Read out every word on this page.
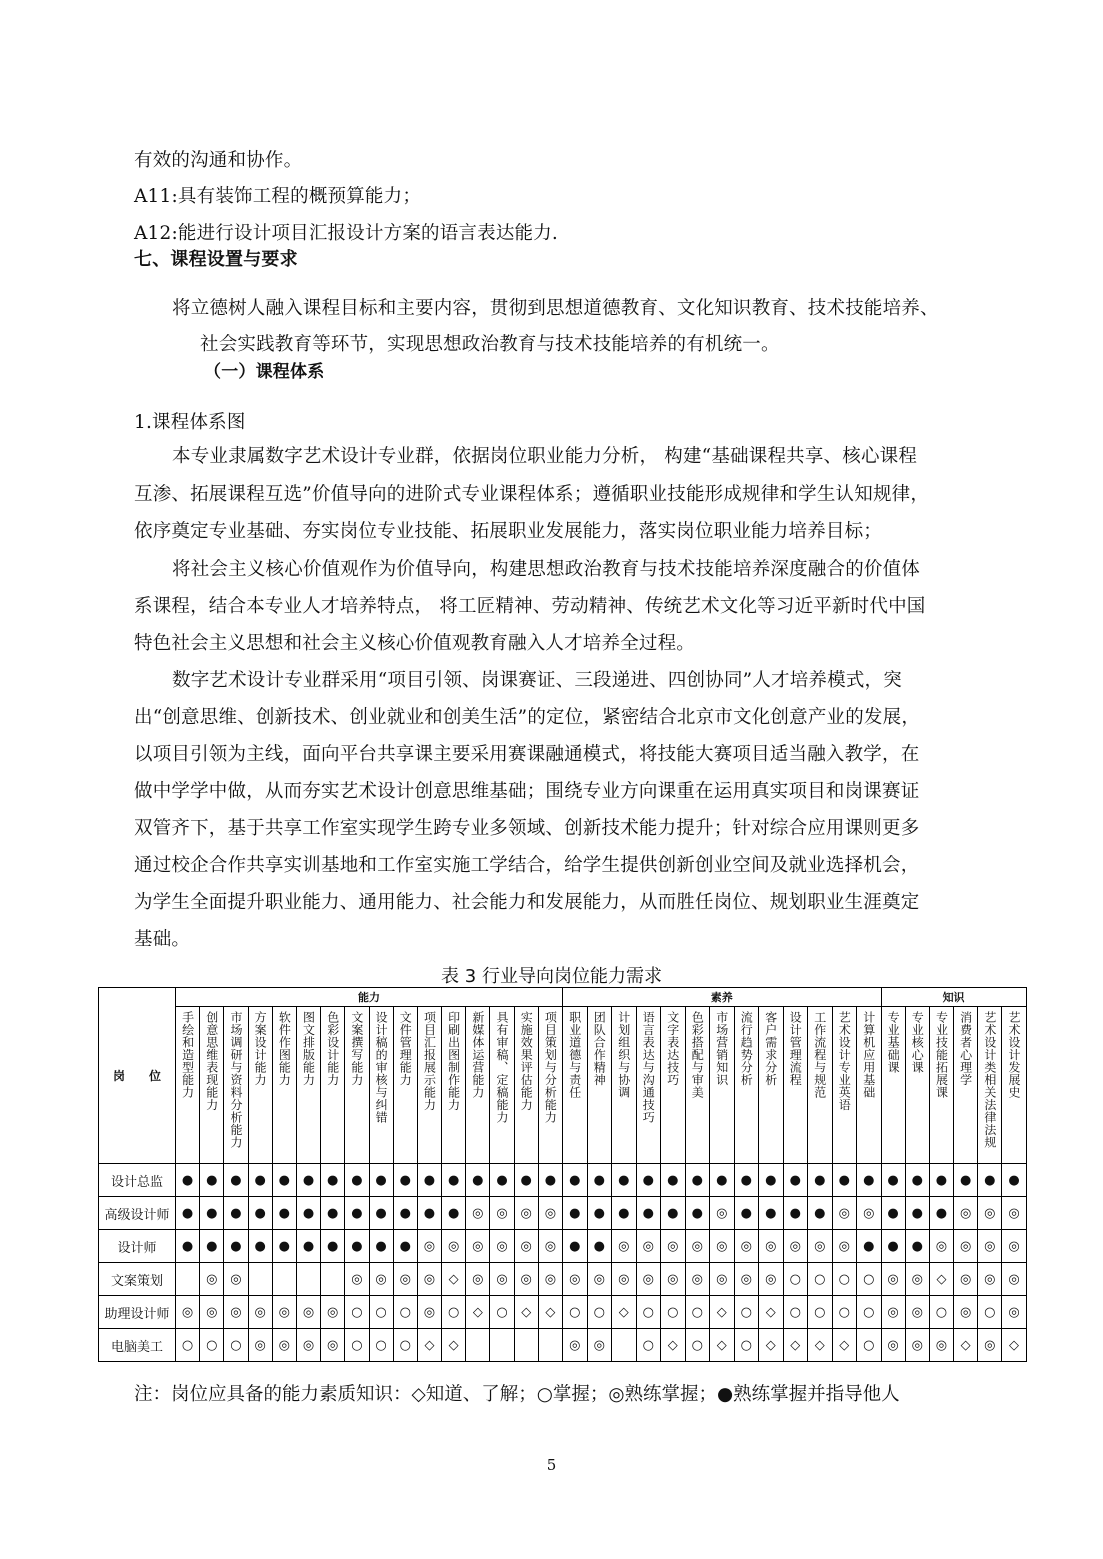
有效的沟通和协作。
A11:具有装饰工程的概预算能力；
A12:能进行设计项目汇报设计方案的语言表达能力.
七、课程设置与要求
将立德树人融入课程目标和主要内容，贯彻到思想道德教育、文化知识教育、技术技能培养、
社会实践教育等环节，实现思想政治教育与技术技能培养的有机统一。
（一）课程体系
1.课程体系图
本专业隶属数字艺术设计专业群，依据岗位职业能力分析， 构建“基础课程共享、核心课程
互渗、拓展课程互选”价值导向的进阶式专业课程体系；遵循职业技能形成规律和学生认知规律，
依序奠定专业基础、夯实岗位专业技能、拓展职业发展能力，落实岗位职业能力培养目标；
将社会主义核心价值观作为价值导向，构建思想政治教育与技术技能培养深度融合的价值体
系课程，结合本专业人才培养特点， 将工匠精神、劳动精神、传统艺术文化等习近平新时代中国
特色社会主义思想和社会主义核心价值观教育融入人才培养全过程。
数字艺术设计专业群采用“项目引领、岗课赛证、三段递进、四创协同”人才培养模式，突
出“创意思维、创新技术、创业就业和创美生活”的定位，紧密结合北京市文化创意产业的发展，
以项目引领为主线，面向平台共享课主要采用赛课融通模式，将技能大赛项目适当融入教学，在
做中学学中做，从而夯实艺术设计创意思维基础；围绕专业方向课重在运用真实项目和岗课赛证
双管齐下，基于共享工作室实现学生跨专业多领域、创新技术能力提升；针对综合应用课则更多
通过校企合作共享实训基地和工作室实施工学结合，给学生提供创新创业空间及就业选择机会，
为学生全面提升职业能力、通用能力、社会能力和发展能力，从而胜任岗位、规划职业生涯奠定
基础。
表 3 行业导向岗位能力需求
岗　　位	能力																素养													知识					

	手绘和造型能力	创意思维表现能力	市场调研与资料分析能力	方案设计能力	软件作图能力	图文排版能力	色彩设计能力	文案撰写能力	设计稿的审核与纠错	文件管理能力	项目汇报展示能力	印刷出图制作能力	新媒体运营能力	具有审稿、定稿能力	实施效果评估能力	项目策划与分析能力	职业道德与责任	团队合作精神	计划组织与协调	语言表达与沟通技巧	文字表达技巧	色彩搭配与审美	市场营销知识	流行趋势分析	客户需求分析	设计管理流程	工作流程与规范	艺术设计专业英语	计算机应用基础	专业基础课	专业核心课	专业技能拓展课	消费者心理学	艺术设计类相关法律法规	艺术设计发展史

设计总监	●	●	●	●	●	●	●	●	●	●	●	●	●	●	●	●	●	●	●	●	●	●	●	●	●	●	●	●	●	●	●	●	●	●	●
高级设计师	●	●	●	●	●	●	●	●	●	●	●	●	◎	◎	◎	◎	●	●	●	●	●	●	◎	●	●	●	●	◎	◎	●	●	●	◎	◎	◎
设计师	●	●	●	●	●	●	●	●	●	●	◎	◎	◎	◎	◎	◎	●	●	◎	◎	◎	◎	◎	◎	◎	◎	◎	◎	●	●	●	◎	◎	◎	◎
文案策划		◎	◎					◎	◎	◎	◎	◇	◎	◎	◎	◎	◎	◎	◎	◎	◎	◎	◎	◎	◎	○	○	○	○	◎	◎	◇	◎	◎	◎
助理设计师	◎	◎	◎	◎	◎	◎	◎	○	○	○	◎	○	◇	○	◇	◇	○	○	◇	○	○	○	◇	○	◇	○	○	○	○	◎	◎	○	◎	○	◎
电脑美工	○	○	○	◎	◎	◎	◎	○	○	○	◇	◇					◎	◎		○	◇	○	◇	○	◇	◇	◇	◇	○	◎	◎	◎	◇	◎	◇
注：岗位应具备的能力素质知识：◇知道、了解；○掌握；◎熟练掌握；●熟练掌握并指导他人
5
